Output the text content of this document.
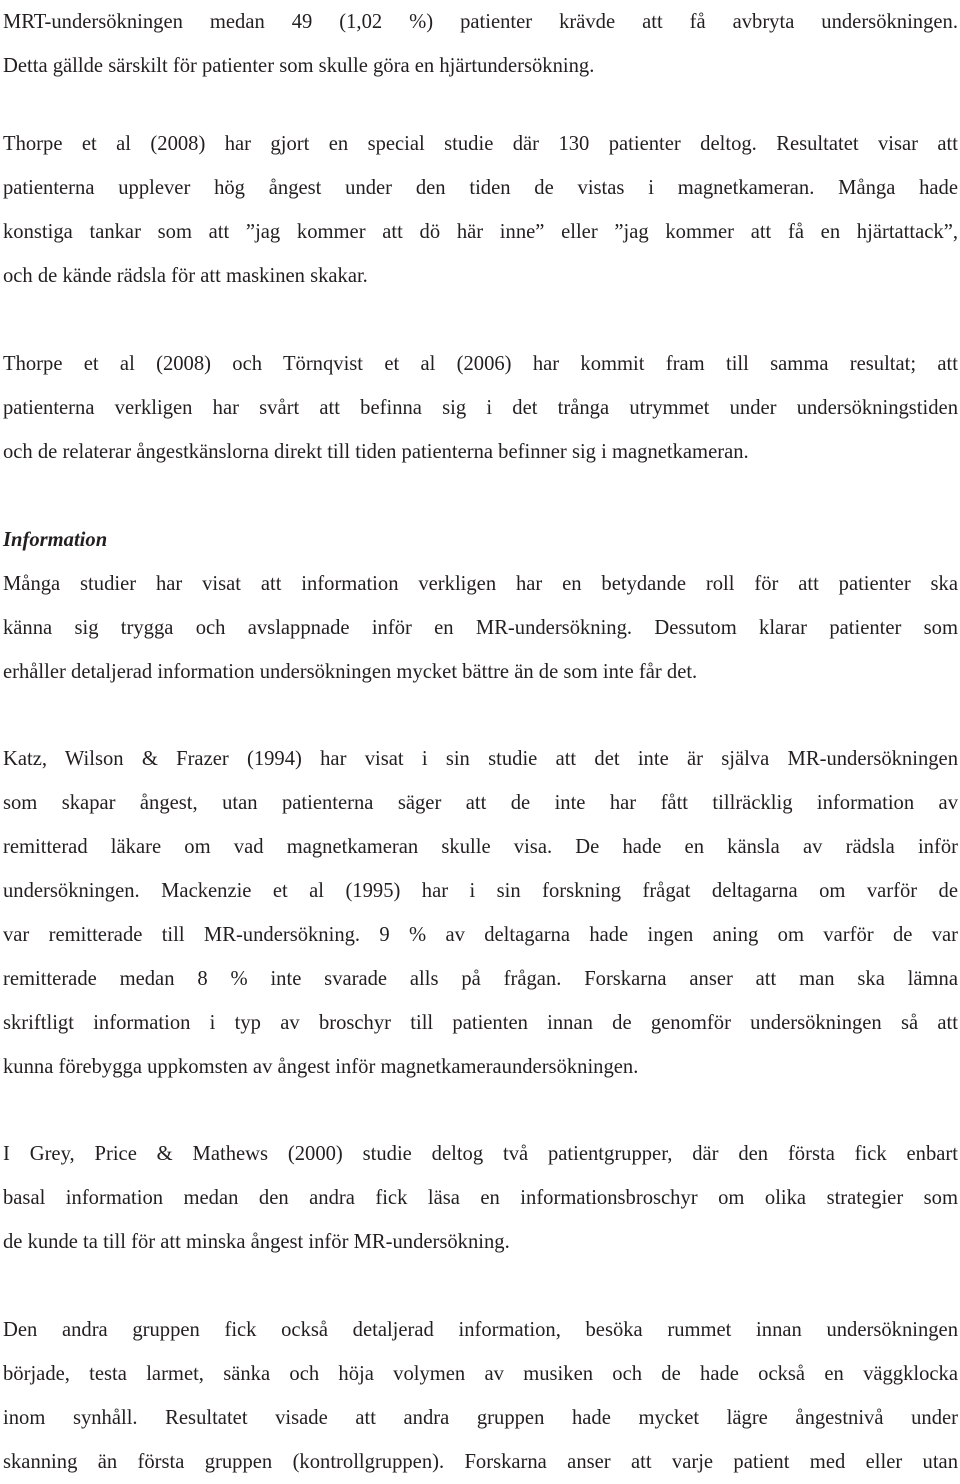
MRT-undersökningen medan 49 (1,02 %) patienter krävde att få avbryta undersökningen.
Detta gällde särskilt för patienter som skulle göra en hjärtundersökning.
Thorpe et al (2008) har gjort en special studie där 130 patienter deltog. Resultatet visar att
patienterna upplever hög ångest under den tiden de vistas i magnetkameran. Många hade
konstiga tankar som att ”jag kommer att dö här inne” eller ”jag kommer att få en hjärtattack”,
och de kände rädsla för att maskinen skakar.
Thorpe et al (2008) och Törnqvist et al (2006) har kommit fram till samma resultat; att
patienterna verkligen har svårt att befinna sig i det trånga utrymmet under undersökningstiden
och de relaterar ångestkänslorna direkt till tiden patienterna befinner sig i magnetkameran.
Information
Många studier har visat att information verkligen har en betydande roll för att patienter ska
känna sig trygga och avslappnade inför en MR-undersökning. Dessutom klarar patienter som
erhåller detaljerad information undersökningen mycket bättre än de som inte får det.
Katz, Wilson & Frazer (1994) har visat i sin studie att det inte är själva MR-undersökningen
som skapar ångest, utan patienterna säger att de inte har fått tillräcklig information av
remitterad läkare om vad magnetkameran skulle visa. De hade en känsla av rädsla inför
undersökningen. Mackenzie et al (1995) har i sin forskning frågat deltagarna om varför de
var remitterade till MR-undersökning. 9 % av deltagarna hade ingen aning om varför de var
remitterade medan 8 % inte svarade alls på frågan. Forskarna anser att man ska lämna
skriftligt information i typ av broschyr till patienten innan de genomför undersökningen så att
kunna förebygga uppkomsten av ångest inför magnetkameraundersökningen.
I Grey, Price & Mathews (2000) studie deltog två patientgrupper, där den första fick enbart
basal information medan den andra fick läsa en informationsbroschyr om olika strategier som
de kunde ta till för att minska ångest inför MR-undersökning.
Den andra gruppen fick också detaljerad information, besöka rummet innan undersökningen
började, testa larmet, sänka och höja volymen av musiken och de hade också en väggklocka
inom synhåll. Resultatet visade att andra gruppen hade mycket lägre ångestnivå under
skanning än första gruppen (kontrollgruppen). Forskarna anser att varje patient med eller utan
